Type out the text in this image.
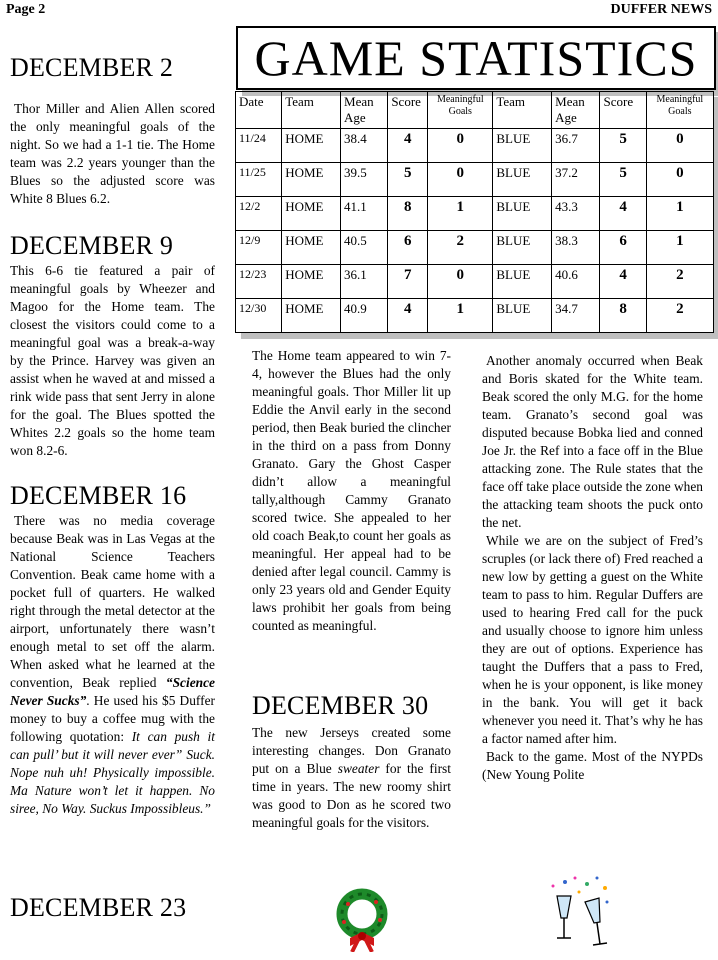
Page 2	DUFFER NEWS
GAME STATISTICS
Date	Team	Mean Age	Score	Meaningful Goals	Team	Mean Age	Score	Meaningful Goals
11/24	HOME	38.4	4	0	BLUE	36.7	5	0
11/25	HOME	39.5	5	0	BLUE	37.2	5	0
12/2	HOME	41.1	8	1	BLUE	43.3	4	1
12/9	HOME	40.5	6	2	BLUE	38.3	6	1
12/23	HOME	36.1	7	0	BLUE	40.6	4	2
12/30	HOME	40.9	4	1	BLUE	34.7	8	2
DECEMBER 2
Thor Miller and Alien Allen scored the only meaningful goals of the night. So we had a 1-1 tie. The Home team was 2.2 years younger than the Blues so the adjusted score was White 8 Blues 6.2.
DECEMBER 9
This 6-6 tie featured a pair of meaningful goals by Wheezer and Magoo for the Home team. The closest the visitors could come to a meaningful goal was a break-a-way by the Prince. Harvey was given an assist when he waved at and missed a rink wide pass that sent Jerry in alone for the goal. The Blues spotted the Whites 2.2 goals so the home team won 8.2-6.
DECEMBER 16
There was no media coverage because Beak was in Las Vegas at the National Science Teachers Convention. Beak came home with a pocket full of quarters. He walked right through the metal detector at the airport, unfortunately there wasn’t enough metal to set off the alarm. When asked what he learned at the convention, Beak replied “Science Never Sucks”. He used his $5 Duffer money to buy a coffee mug with the following quotation: It can push it can pull’ but it will never ever” Suck. Nope nuh uh! Physically impossible. Ma Nature won’t let it happen. No siree, No Way. Suckus Impossibleus.”
DECEMBER 23
The Home team appeared to win 7-4, however the Blues had the only meaningful goals. Thor Miller lit up Eddie the Anvil early in the second period, then Beak buried the clincher in the third on a pass from Donny Granato. Gary the Ghost Casper didn’t allow a meaningful tally,although Cammy Granato scored twice. She appealed to her old coach Beak,to count her goals as meaningful. Her appeal had to be denied after legal council. Cammy is only 23 years old and Gender Equity laws prohibit her goals from being counted as meaningful.
DECEMBER 30
The new Jerseys created some interesting changes. Don Granato put on a Blue sweater for the first time in years. The new roomy shirt was good to Don as he scored two meaningful goals for the visitors.

Another anomaly occurred when Beak and Boris skated for the White team. Beak scored the only M.G. for the home team. Granato’s second goal was disputed because Bobka lied and conned Joe Jr. the Ref into a face off in the Blue attacking zone. The Rule states that the face off take place outside the zone when the attacking team shoots the puck onto the net.

While we are on the subject of Fred’s scruples (or lack there of) Fred reached a new low by getting a guest on the White team to pass to him. Regular Duffers are used to hearing Fred call for the puck and usually choose to ignore him unless they are out of options. Experience has taught the Duffers that a pass to Fred, when he is your opponent, is like money in the bank. You will get it back whenever you need it. That’s why he has a factor named after him.

Back to the game. Most of the NYPDs (New Young Polite
